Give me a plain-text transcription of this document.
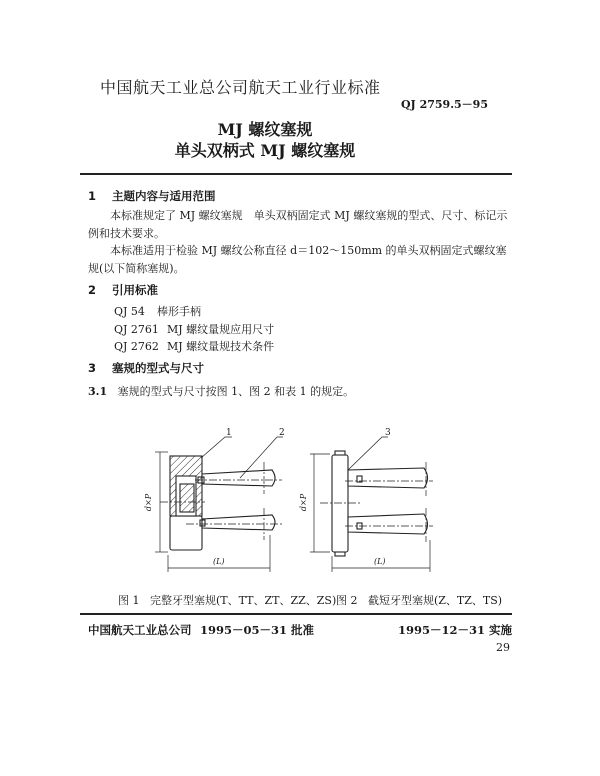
中国航天工业总公司航天工业行业标准
QJ 2759.5－95
MJ 螺纹塞规
单头双柄式 MJ 螺纹塞规
1 主题内容与适用范围
本标准规定了 MJ 螺纹塞规　单头双柄固定式 MJ 螺纹塞规的型式、尺寸、标记示例和技术要求。
本标准适用于检验 MJ 螺纹公称直径 d＝102～150mm 的单头双柄固定式螺纹塞规(以下简称塞规)。
2 引用标准
QJ 54 棒形手柄
QJ 2761 MJ 螺纹量规应用尺寸
QJ 2762 MJ 螺纹量规技术条件
3 塞规的型式与尺寸
3.1 塞规的型式与尺寸按图 1、图 2 和表 1 的规定。
1	2	3
d×P	d×P
(L)	(L)
图 1 完整牙型塞规(T、TT、ZT、ZZ、ZS) 图 2 截短牙型塞规(Z、TZ、TS)
中国航天工业总公司 1995－05－31 批准	1995－12－31 实施
29
